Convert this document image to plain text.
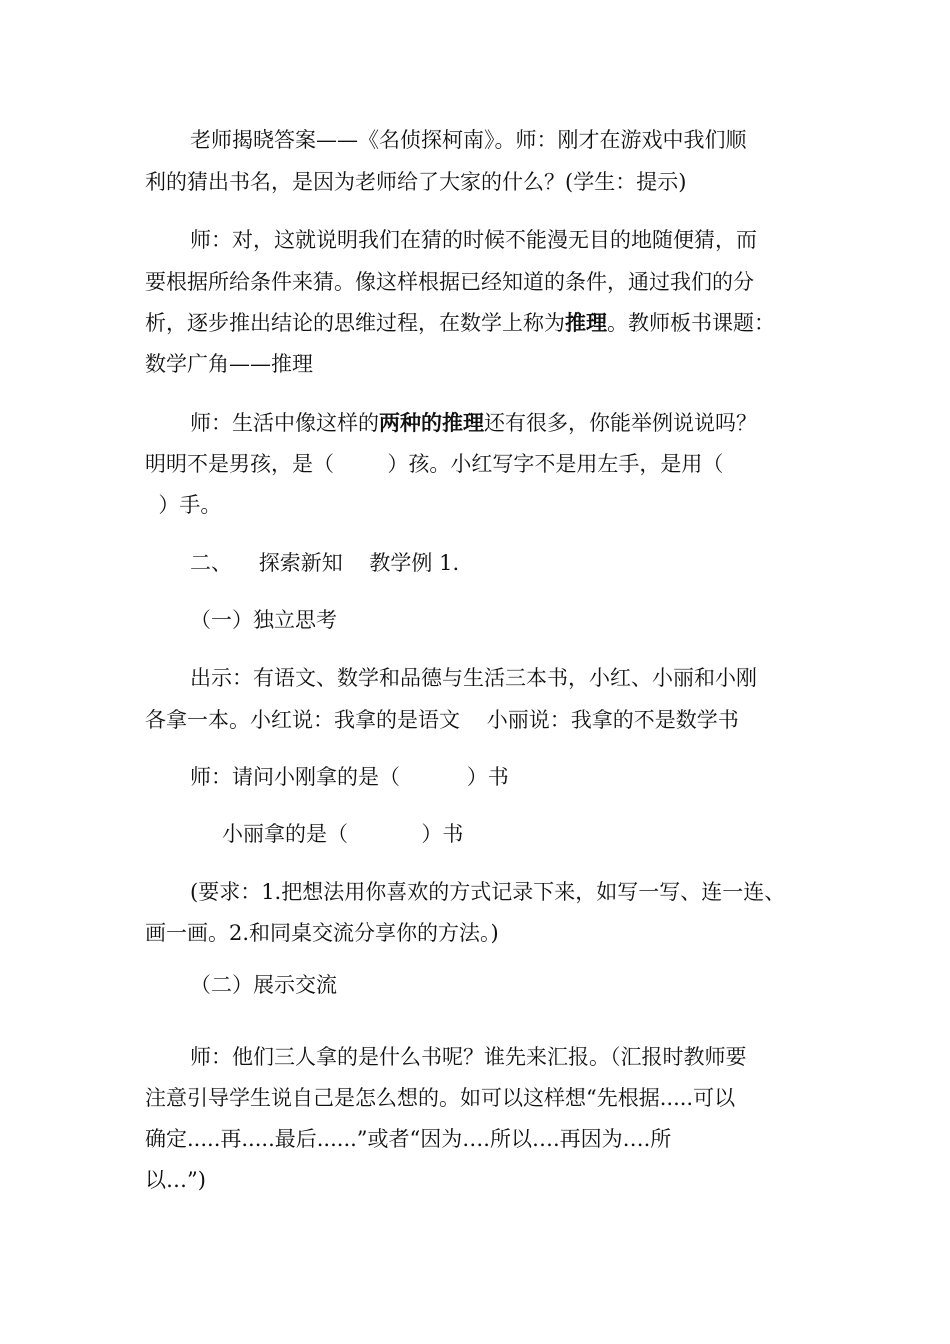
老师揭晓答案——《名侦探柯南》。师：刚才在游戏中我们顺
利的猜出书名，是因为老师给了大家的什么？(学生：提示)
师：对，这就说明我们在猜的时候不能漫无目的地随便猜，而
要根据所给条件来猜。像这样根据已经知道的条件，通过我们的分
析，逐步推出结论的思维过程，在数学上称为推理。教师板书课题：
数学广角——推理
师：生活中像这样的两种的推理还有很多，你能举例说说吗？
明明不是男孩，是（        ）孩。小红写字不是用左手，是用（
）手。
二、    探索新知    教学例 1.
（一）独立思考
出示：有语文、数学和品德与生活三本书，小红、小丽和小刚
各拿一本。小红说：我拿的是语文    小丽说：我拿的不是数学书
师：请问小刚拿的是（          ）书
小丽拿的是（           ）书
(要求：1.把想法用你喜欢的方式记录下来，如写一写、连一连、
画一画。2.和同桌交流分享你的方法。)
（二）展示交流
师：他们三人拿的是什么书呢？谁先来汇报。（汇报时教师要
注意引导学生说自己是怎么想的。如可以这样想“先根据.....可以
确定.....再.....最后......”或者“因为….所以….再因为….所
以…”)
